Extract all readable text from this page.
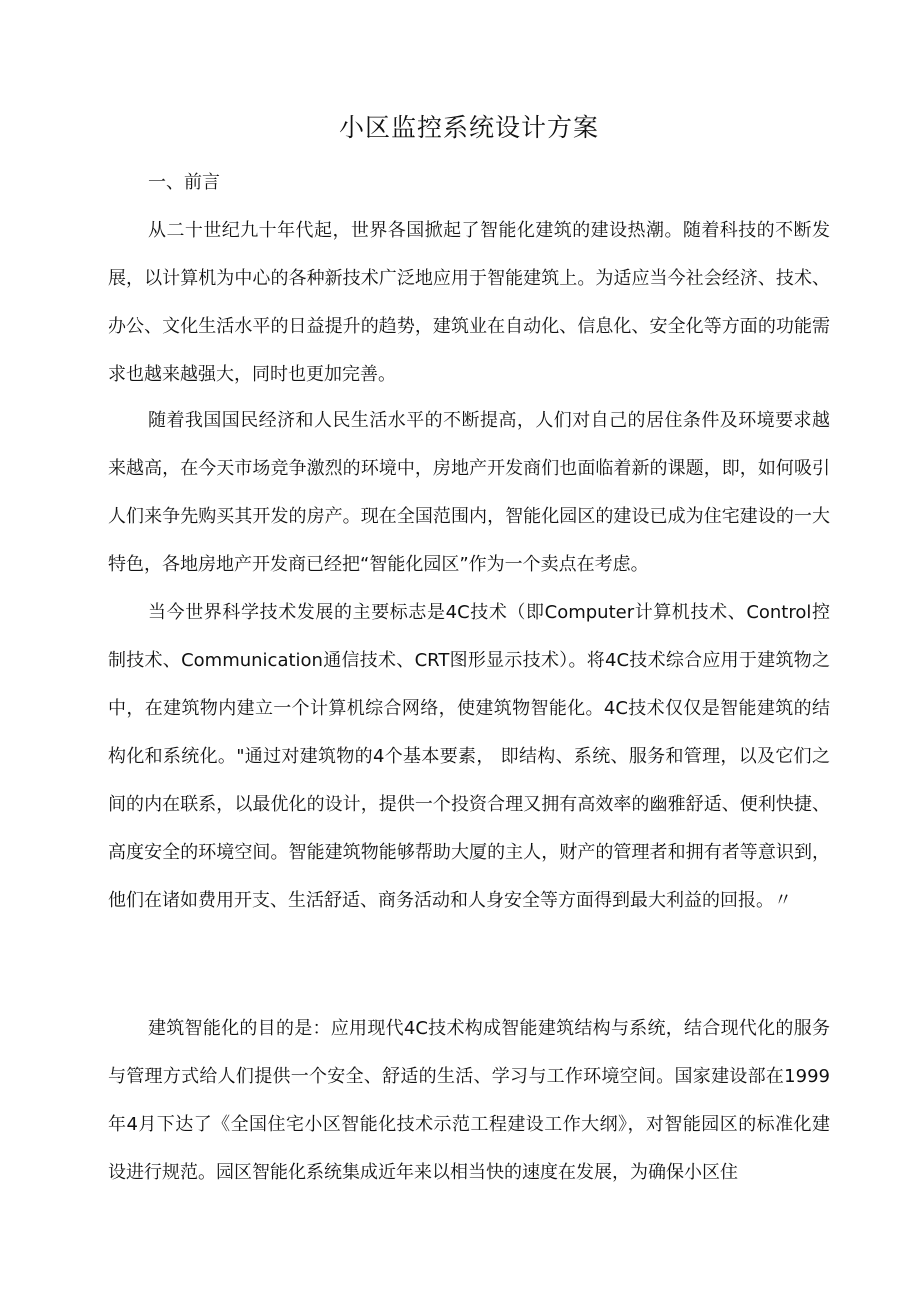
小区监控系统设计方案
一、前言

从二十世纪九十年代起，世界各国掀起了智能化建筑的建设热潮。随着科技的不断发展，以计算机为中心的各种新技术广泛地应用于智能建筑上。为适应当今社会经济、技术、办公、文化生活水平的日益提升的趋势，建筑业在自动化、信息化、安全化等方面的功能需求也越来越强大，同时也更加完善。

随着我国国民经济和人民生活水平的不断提高，人们对自己的居住条件及环境要求越来越高，在今天市场竞争激烈的环境中，房地产开发商们也面临着新的课题，即，如何吸引人们来争先购买其开发的房产。现在全国范围内，智能化园区的建设已成为住宅建设的一大特色，各地房地产开发商已经把“智能化园区”作为一个卖点在考虑。

当今世界科学技术发展的主要标志是4C技术（即Computer计算机技术、Control控制技术、Communication通信技术、CRT图形显示技术）。将4C技术综合应用于建筑物之中，在建筑物内建立一个计算机综合网络，使建筑物智能化。4C技术仅仅是智能建筑的结构化和系统化。"通过对建筑物的4个基本要素， 即结构、系统、服务和管理，以及它们之间的内在联系，以最优化的设计，提供一个投资合理又拥有高效率的幽雅舒适、便利快捷、高度安全的环境空间。智能建筑物能够帮助大厦的主人，财产的管理者和拥有者等意识到，他们在诸如费用开支、生活舒适、商务活动和人身安全等方面得到最大利益的回报。〃

建筑智能化的目的是：应用现代4C技术构成智能建筑结构与系统，结合现代化的服务与管理方式给人们提供一个安全、舒适的生活、学习与工作环境空间。国家建设部在1999年4月下达了《全国住宅小区智能化技术示范工程建设工作大纲》，对智能园区的标准化建设进行规范。园区智能化系统集成近年来以相当快的速度在发展，为确保小区住
